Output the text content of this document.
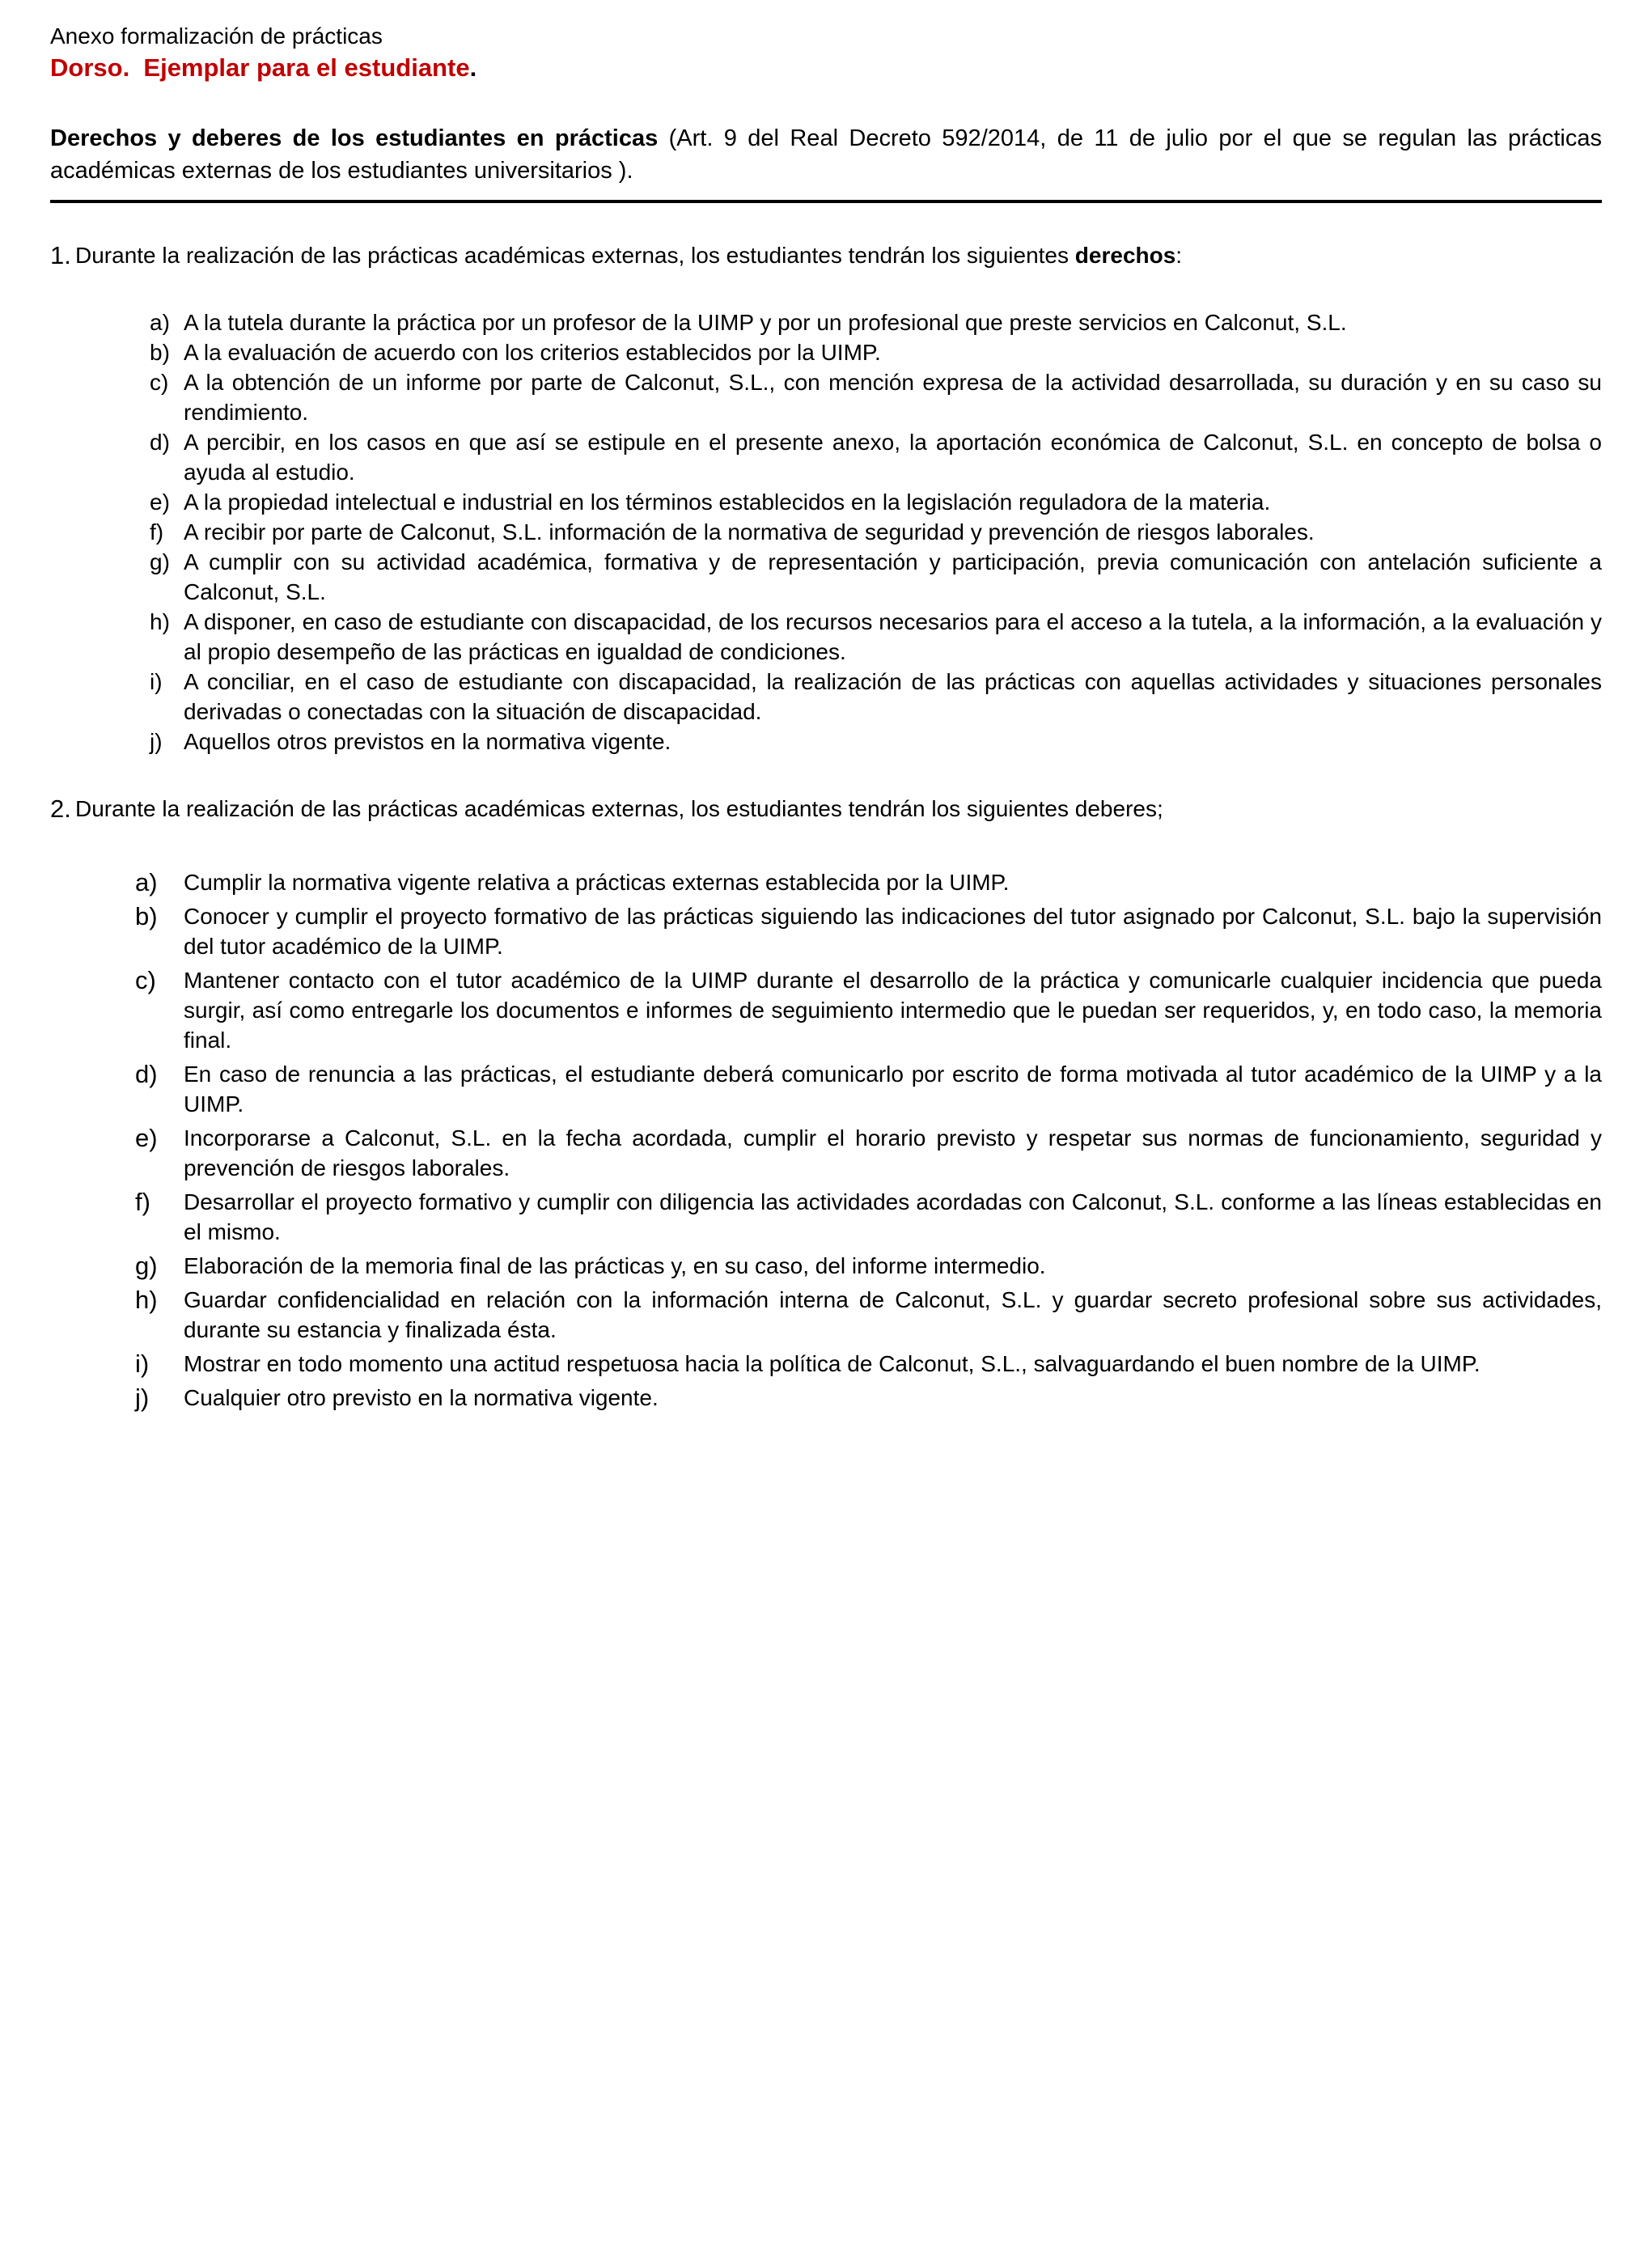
Anexo formalización de prácticas
Dorso.  Ejemplar para el estudiante.

Derechos y deberes de los estudiantes en prácticas (Art. 9 del Real Decreto 592/2014, de 11 de julio por el que se regulan las prácticas académicas externas de los estudiantes universitarios ).

1. Durante la realización de las prácticas académicas externas, los estudiantes tendrán los siguientes derechos:
a) A la tutela durante la práctica por un profesor de la UIMP y por un profesional que preste servicios en Calconut, S.L.
b) A la evaluación de acuerdo con los criterios establecidos por la UIMP.
c) A la obtención de un informe por parte de Calconut, S.L., con mención expresa de la actividad desarrollada, su duración y en su caso su rendimiento.
d) A percibir, en los casos en que así se estipule en el presente anexo, la aportación económica de Calconut, S.L. en concepto de bolsa o ayuda al estudio.
e) A la propiedad intelectual e industrial en los términos establecidos en la legislación reguladora de la materia.
f) A recibir por parte de Calconut, S.L. información de la normativa de seguridad y prevención de riesgos laborales.
g) A cumplir con su actividad académica, formativa y de representación y participación, previa comunicación con antelación suficiente a Calconut, S.L.
h) A disponer, en caso de estudiante con discapacidad, de los recursos necesarios para el acceso a la tutela, a la información, a la evaluación y al propio desempeño de las prácticas en igualdad de condiciones.
i) A conciliar, en el caso de estudiante con discapacidad, la realización de las prácticas con aquellas actividades y situaciones personales derivadas o conectadas con la situación de discapacidad.
j) Aquellos otros previstos en la normativa vigente.
2. Durante la realización de las prácticas académicas externas, los estudiantes tendrán los siguientes deberes;
a)	Cumplir la normativa vigente relativa a prácticas externas establecida por la UIMP.
b)	Conocer y cumplir el proyecto formativo de las prácticas siguiendo las indicaciones del tutor asignado por Calconut, S.L. bajo la supervisión del tutor académico de la UIMP.
c)	Mantener contacto con el tutor académico de la UIMP durante el desarrollo de la práctica y comunicarle cualquier incidencia que pueda surgir, así como entregarle los documentos e informes de seguimiento intermedio que le puedan ser requeridos, y, en todo caso, la memoria final.
d)	En caso de renuncia a las prácticas, el estudiante deberá comunicarlo por escrito de forma motivada al tutor académico de la UIMP y a la UIMP.
e)	Incorporarse a Calconut, S.L. en la fecha acordada, cumplir el horario previsto y respetar sus normas de funcionamiento, seguridad y prevención de riesgos laborales.
f)	Desarrollar el proyecto formativo y cumplir con diligencia las actividades acordadas con Calconut, S.L. conforme a las líneas establecidas en el mismo.
g)	Elaboración de la memoria final de las prácticas y, en su caso, del informe intermedio.
h)	Guardar confidencialidad en relación con la información interna de Calconut, S.L. y guardar secreto profesional sobre sus actividades, durante su estancia y finalizada ésta.
i)	Mostrar en todo momento una actitud respetuosa hacia la política de Calconut, S.L., salvaguardando el buen nombre de la UIMP.
j)	Cualquier otro previsto en la normativa vigente.
